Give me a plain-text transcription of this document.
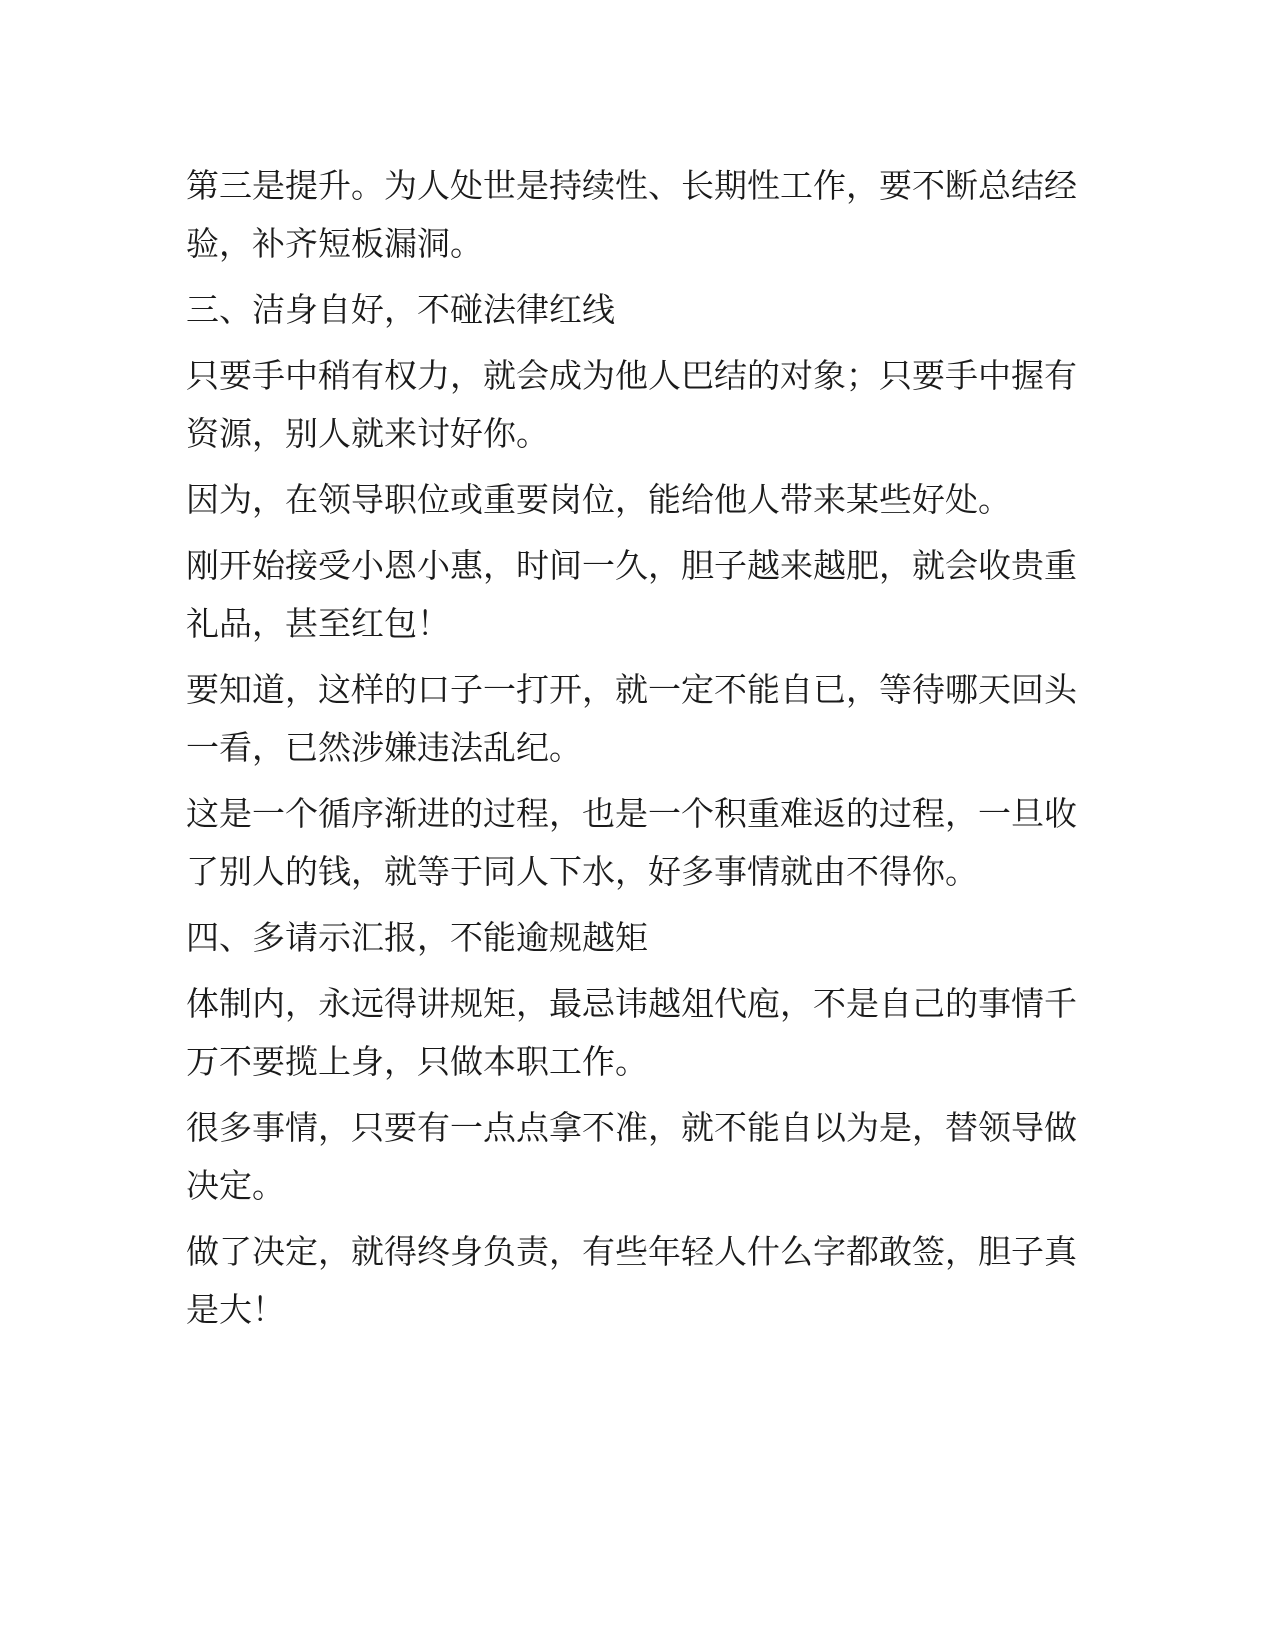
第三是提升。为人处世是持续性、长期性工作，要不断总结经验，补齐短板漏洞。

三、洁身自好，不碰法律红线

只要手中稍有权力，就会成为他人巴结的对象；只要手中握有资源，别人就来讨好你。

因为，在领导职位或重要岗位，能给他人带来某些好处。

刚开始接受小恩小惠，时间一久，胆子越来越肥，就会收贵重礼品，甚至红包！

要知道，这样的口子一打开，就一定不能自已，等待哪天回头一看，已然涉嫌违法乱纪。

这是一个循序渐进的过程，也是一个积重难返的过程，一旦收了别人的钱，就等于同人下水，好多事情就由不得你。

四、多请示汇报，不能逾规越矩

体制内，永远得讲规矩，最忌讳越俎代庖，不是自己的事情千万不要揽上身，只做本职工作。

很多事情，只要有一点点拿不准，就不能自以为是，替领导做决定。

做了决定，就得终身负责，有些年轻人什么字都敢签，胆子真是大！
